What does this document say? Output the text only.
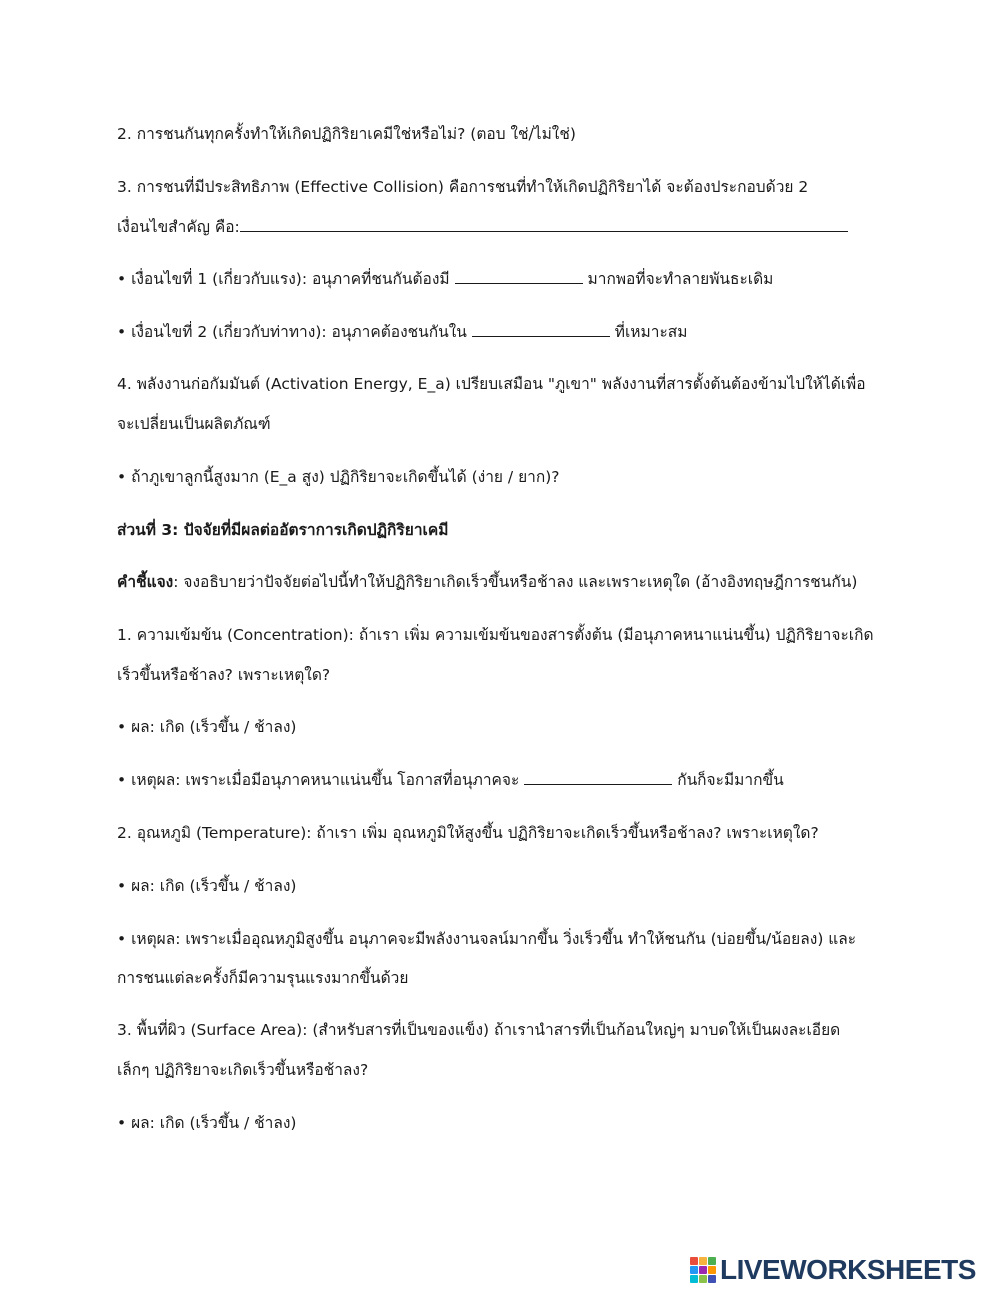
2. การชนกันทุกครั้งทำให้เกิดปฏิกิริยาเคมีใช่หรือไม่? (ตอบ ใช่/ไม่ใช่)
3. การชนที่มีประสิทธิภาพ (Effective Collision) คือการชนที่ทำให้เกิดปฏิกิริยาได้ จะต้องประกอบด้วย 2
เงื่อนไขสำคัญ คือ:
• เงื่อนไขที่ 1 (เกี่ยวกับแรง): อนุภาคที่ชนกันต้องมี	มากพอที่จะทำลายพันธะเดิม
• เงื่อนไขที่ 2 (เกี่ยวกับท่าทาง): อนุภาคต้องชนกันใน	ที่เหมาะสม
4. พลังงานก่อกัมมันต์ (Activation Energy, E_a) เปรียบเสมือน "ภูเขา" พลังงานที่สารตั้งต้นต้องข้ามไปให้ได้เพื่อ
จะเปลี่ยนเป็นผลิตภัณฑ์
• ถ้าภูเขาลูกนี้สูงมาก (E_a สูง) ปฏิกิริยาจะเกิดขึ้นได้ (ง่าย / ยาก)?
ส่วนที่ 3: ปัจจัยที่มีผลต่ออัตราการเกิดปฏิกิริยาเคมี
คำชี้แจง: จงอธิบายว่าปัจจัยต่อไปนี้ทำให้ปฏิกิริยาเกิดเร็วขึ้นหรือช้าลง และเพราะเหตุใด (อ้างอิงทฤษฎีการชนกัน)
1. ความเข้มข้น (Concentration): ถ้าเรา เพิ่ม ความเข้มข้นของสารตั้งต้น (มีอนุภาคหนาแน่นขึ้น) ปฏิกิริยาจะเกิด
เร็วขึ้นหรือช้าลง? เพราะเหตุใด?
• ผล: เกิด (เร็วขึ้น / ช้าลง)
• เหตุผล: เพราะเมื่อมีอนุภาคหนาแน่นขึ้น โอกาสที่อนุภาคจะ	กันก็จะมีมากขึ้น
2. อุณหภูมิ (Temperature): ถ้าเรา เพิ่ม อุณหภูมิให้สูงขึ้น ปฏิกิริยาจะเกิดเร็วขึ้นหรือช้าลง? เพราะเหตุใด?
• ผล: เกิด (เร็วขึ้น / ช้าลง)
• เหตุผล: เพราะเมื่ออุณหภูมิสูงขึ้น อนุภาคจะมีพลังงานจลน์มากขึ้น วิ่งเร็วขึ้น ทำให้ชนกัน (บ่อยขึ้น/น้อยลง) และ
การชนแต่ละครั้งก็มีความรุนแรงมากขึ้นด้วย
3. พื้นที่ผิว (Surface Area): (สำหรับสารที่เป็นของแข็ง) ถ้าเรานำสารที่เป็นก้อนใหญ่ๆ มาบดให้เป็นผงละเอียด
เล็กๆ ปฏิกิริยาจะเกิดเร็วขึ้นหรือช้าลง?
• ผล: เกิด (เร็วขึ้น / ช้าลง)
LIVEWORKSHEETS
